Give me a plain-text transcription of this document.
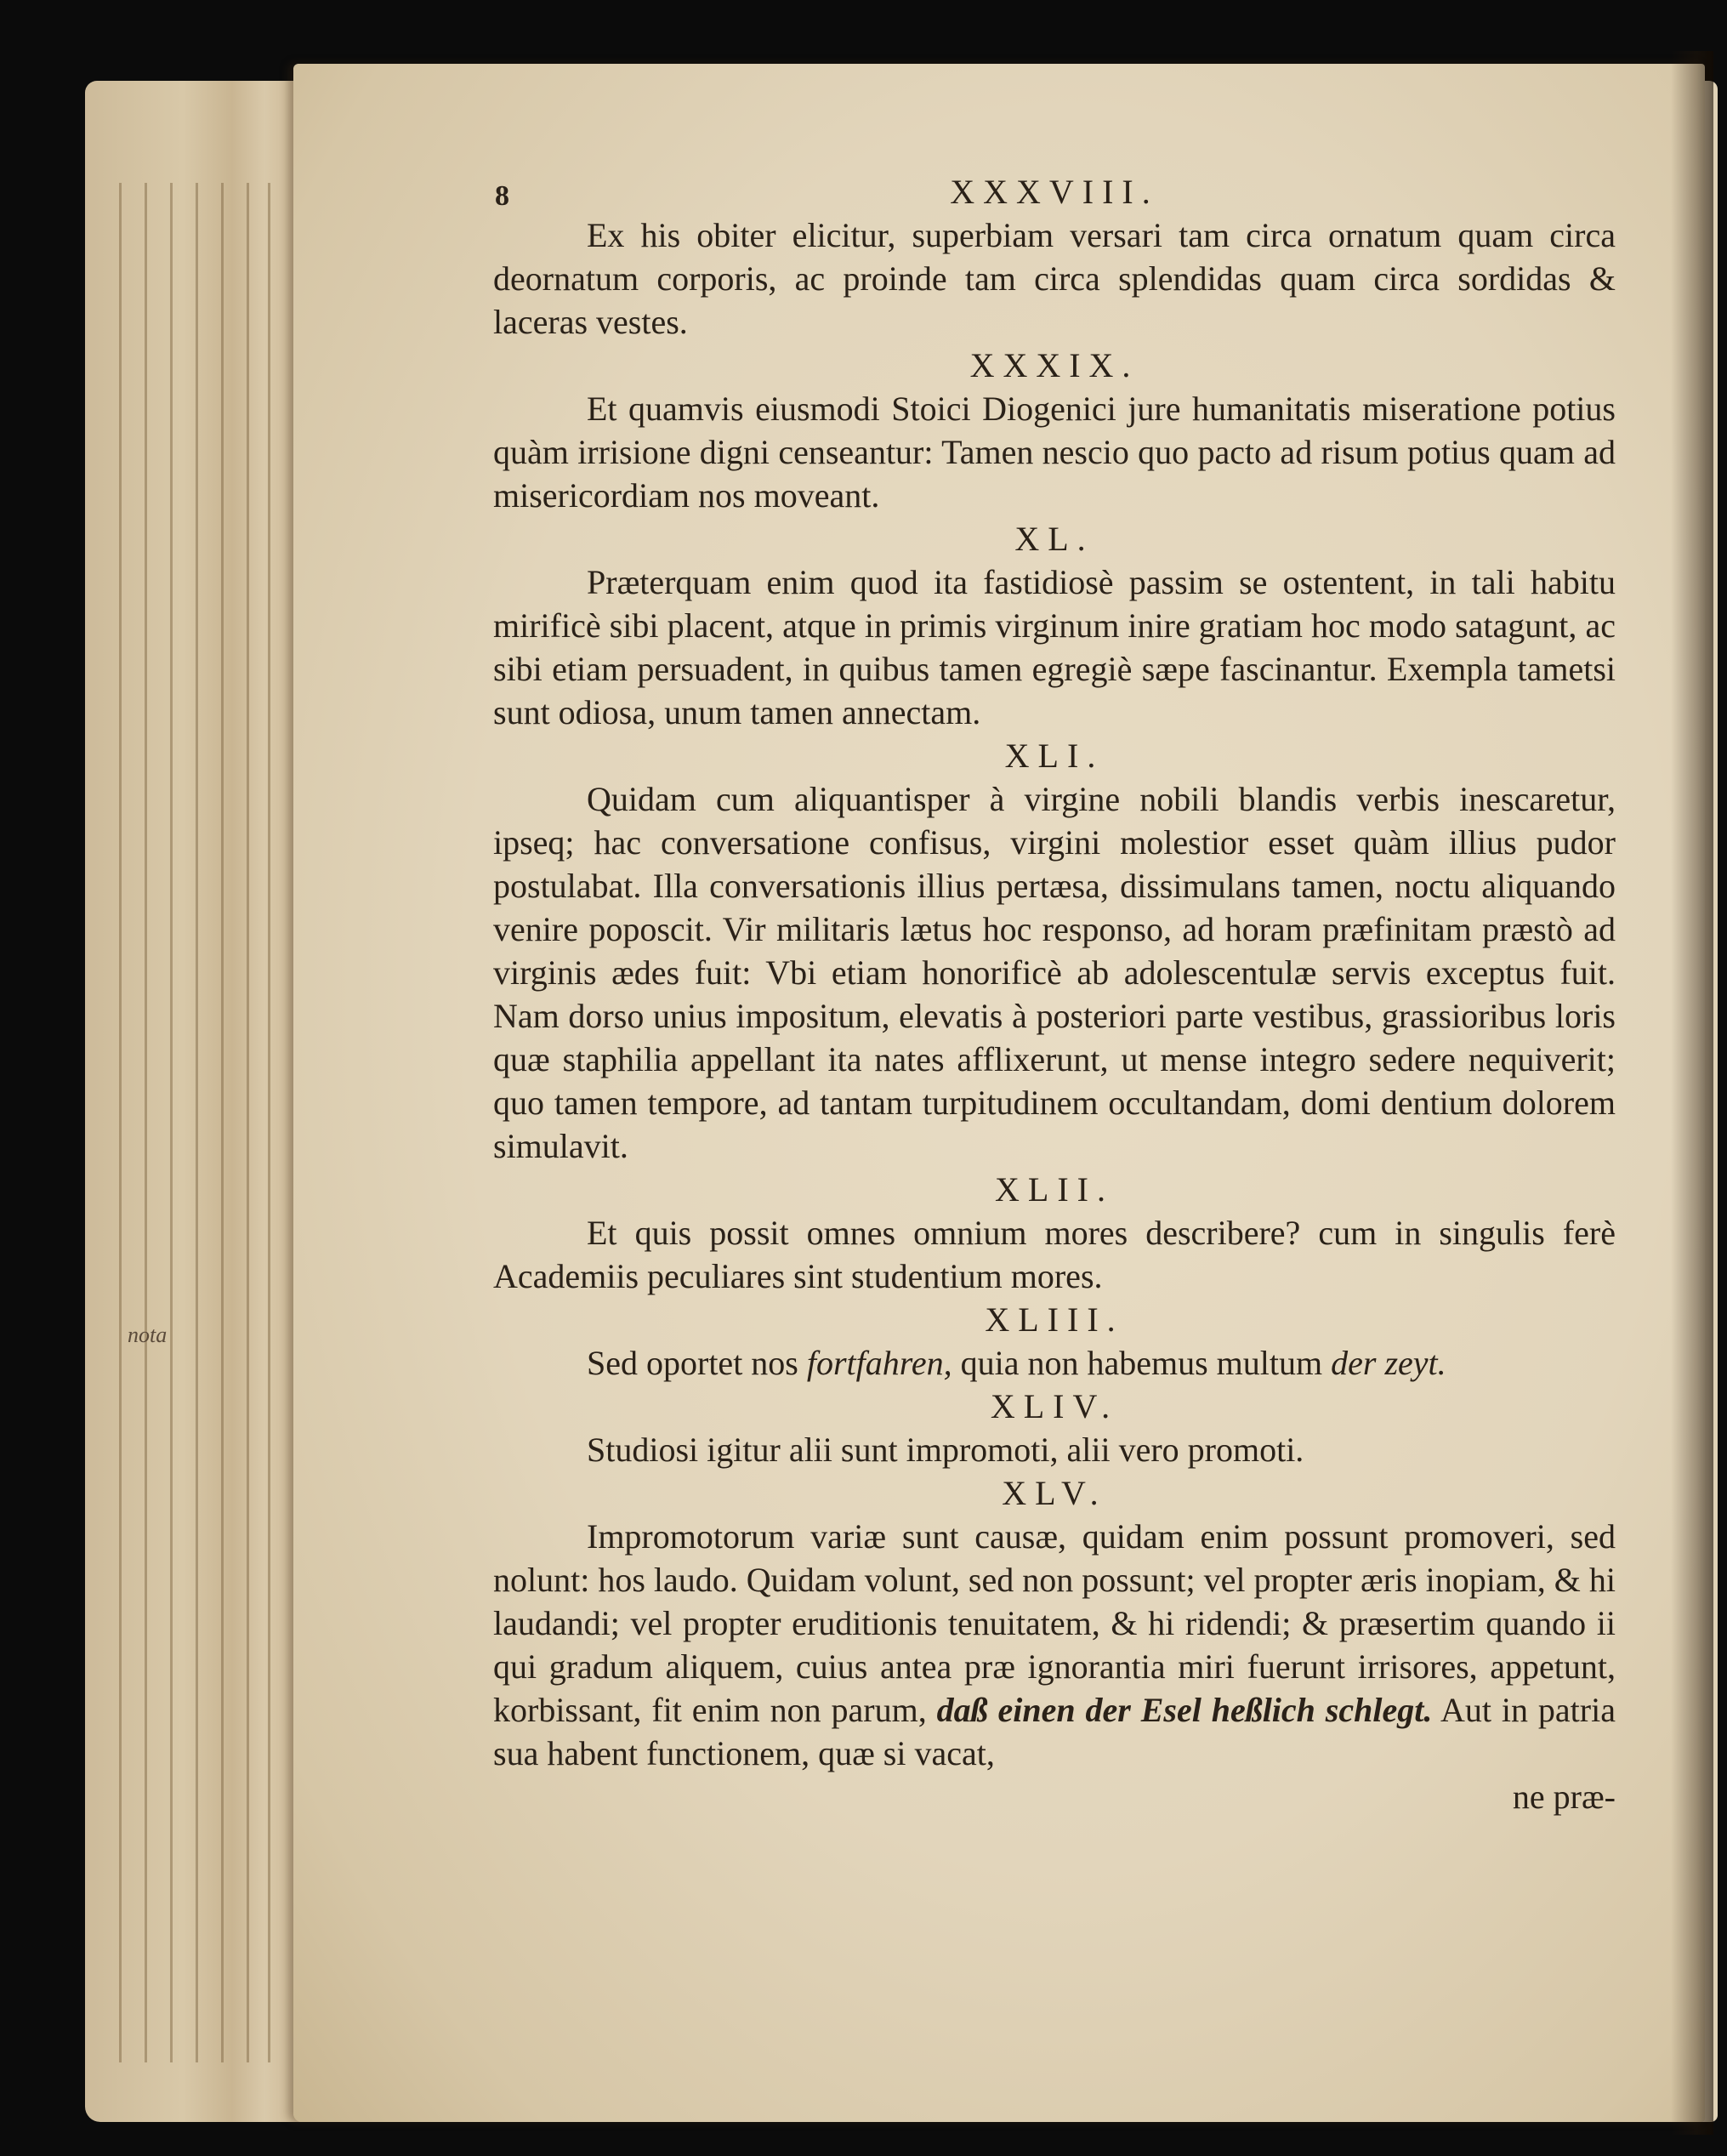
nota
8	XXXVIII.
Ex his obiter elicitur, superbiam versari tam circa ornatum quam circa deornatum corporis, ac proinde tam circa splendidas quam circa sordidas & laceras vestes.
XXXIX.
Et quamvis eiusmodi Stoici Diogenici jure humanitatis miseratione potius quàm irrisione digni censeantur: Tamen nescio quo pacto ad risum potius quam ad misericordiam nos moveant.
XL.
Præterquam enim quod ita fastidiosè passim se ostentent, in tali habitu mirificè sibi placent, atque in primis virginum inire gratiam hoc modo satagunt, ac sibi etiam persuadent, in quibus tamen egregiè sæpe fascinantur. Exempla tametsi sunt odiosa, unum tamen annectam.
XLI.
Quidam cum aliquantisper à virgine nobili blandis verbis inescaretur, ipseq; hac conversatione confisus, virgini molestior esset quàm illius pudor postulabat. Illa conversationis illius pertæsa, dissimulans tamen, noctu aliquando venire poposcit. Vir militaris lætus hoc responso, ad horam præfinitam præstò ad virginis ædes fuit: Vbi etiam honorificè ab adolescentulæ servis exceptus fuit. Nam dorso unius impositum, elevatis à posteriori parte vestibus, grassioribus loris quæ staphilia appellant ita nates afflixerunt, ut mense integro sedere nequiverit; quo tamen tempore, ad tantam turpitudinem occultandam, domi dentium dolorem simulavit.
XLII.
Et quis possit omnes omnium mores describere? cum in singulis ferè Academiis peculiares sint studentium mores.
XLIII.
Sed oportet nos fortfahren, quia non habemus multum der zeyt.
XLIV.
Studiosi igitur alii sunt impromoti, alii vero promoti.
XLV.
Impromotorum variæ sunt causæ, quidam enim possunt promoveri, sed nolunt: hos laudo. Quidam volunt, sed non possunt; vel propter æris inopiam, & hi laudandi; vel propter eruditionis tenuitatem, & hi ridendi; & præsertim quando ii qui gradum aliquem, cuius antea præ ignorantia miri fuerunt irrisores, appetunt, korbissant, fit enim non parum, daß einen der Esel heßlich schlegt. Aut in patria sua habent functionem, quæ si vacat,
ne præ-
